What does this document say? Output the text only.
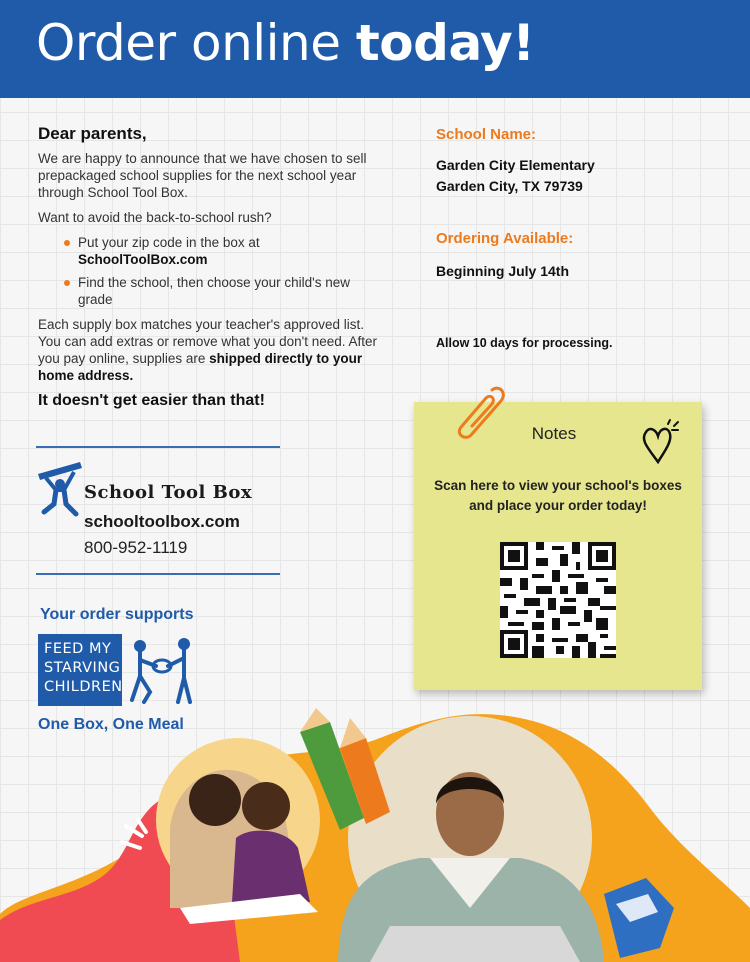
Order online today!
Dear parents,
We are happy to announce that we have chosen to sell prepackaged school supplies for the next school year through School Tool Box.
Want to avoid the back-to-school rush?
Put your zip code in the box at
SchoolToolBox.com
Find the school, then choose your child's new grade
Each supply box matches your teacher's approved list. You can add extras or remove what you don't need. After you pay online, supplies are shipped directly to your home address.
It doesn't get easier than that!
School Tool Box
schooltoolbox.com
800-952-1119
Your order supports
FEED MY
STARVING
CHILDREN
One Box, One Meal
School Name:
Garden City Elementary
Garden City, TX 79739
Ordering Available:
Beginning July 14th
Allow 10 days for processing.
Notes
Scan here to view your school's boxes and place your order today!
